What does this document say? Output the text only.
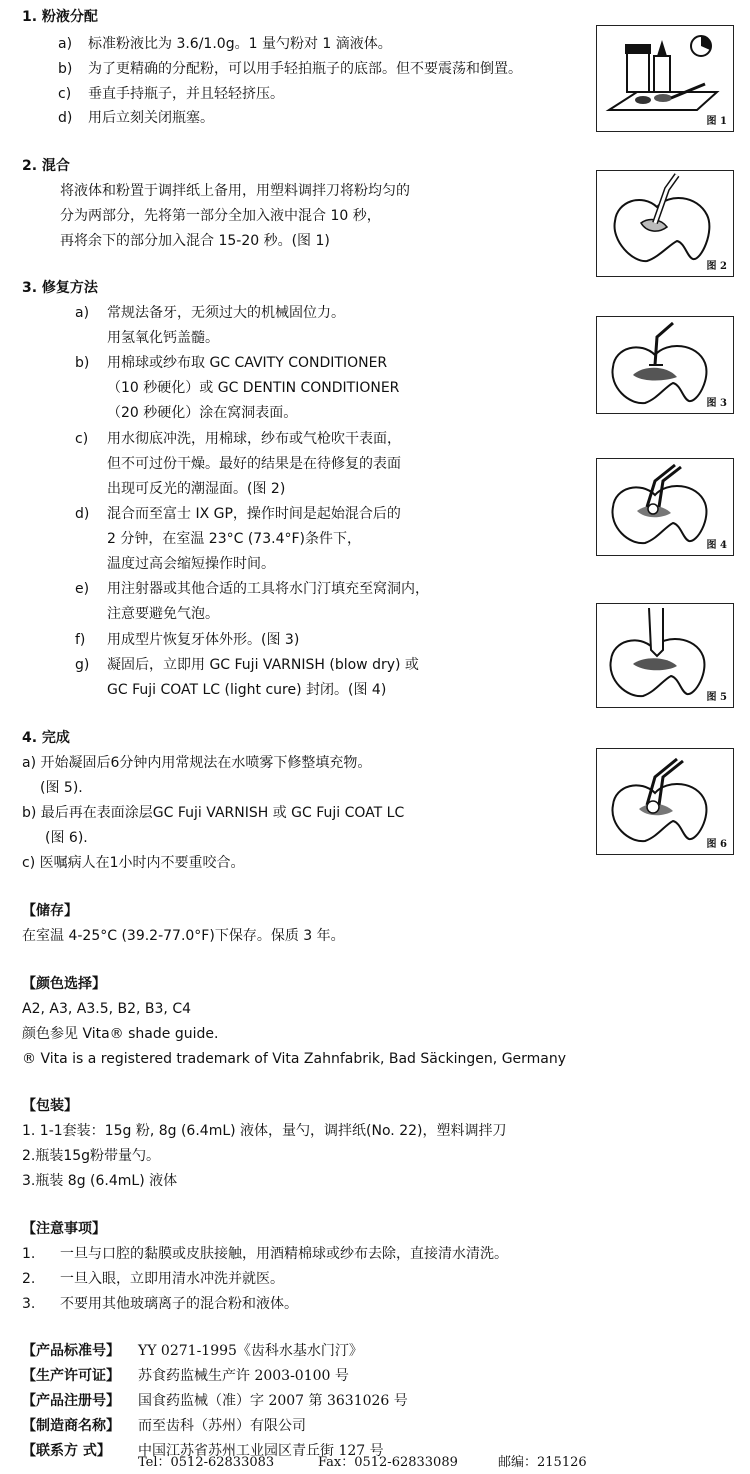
1. 粉液分配
a) 标准粉液比为 3.6/1.0g。1 量勺粉对 1 滴液体。
b) 为了更精确的分配粉，可以用手轻拍瓶子的底部。但不要震荡和倒置。
c) 垂直手持瓶子，并且轻轻挤压。
d) 用后立刻关闭瓶塞。
2. 混合
将液体和粉置于调拌纸上备用，用塑料调拌刀将粉均匀的
分为两部分，先将第一部分全加入液中混合 10 秒，
再将余下的部分加入混合 15-20 秒。(图 1)
3. 修复方法
a) 常规法备牙，无须过大的机械固位力。
用氢氧化钙盖髓。
b) 用棉球或纱布取 GC CAVITY CONDITIONER
（10 秒硬化）或 GC DENTIN CONDITIONER
（20 秒硬化）涂在窝洞表面。
c) 用水彻底冲洗，用棉球，纱布或气枪吹干表面，
但不可过份干燥。最好的结果是在待修复的表面
出现可反光的潮湿面。(图 2)
d) 混合而至富士 IX GP，操作时间是起始混合后的
2 分钟，在室温 23°C (73.4°F)条件下，
温度过高会缩短操作时间。
e) 用注射器或其他合适的工具将水门汀填充至窝洞内，
注意要避免气泡。
f) 用成型片恢复牙体外形。(图 3)
g) 凝固后，立即用 GC Fuji VARNISH (blow dry) 或
GC Fuji COAT LC (light cure) 封闭。(图 4)
4. 完成
a) 开始凝固后6分钟内用常规法在水喷雾下修整填充物。
(图 5).
b) 最后再在表面涂层GC Fuji VARNISH 或 GC Fuji COAT LC
(图 6).
c) 医嘱病人在1小时内不要重咬合。
【储存】
在室温 4-25°C (39.2-77.0°F)下保存。保质 3 年。
【颜色选择】
A2, A3, A3.5, B2, B3, C4
颜色参见 Vita® shade guide.
® Vita is a registered trademark of Vita Zahnfabrik, Bad Säckingen, Germany
【包装】
1. 1-1套装：15g 粉, 8g (6.4mL) 液体，量勺，调拌纸(No. 22)，塑料调拌刀
2.瓶装15g粉带量勺。
3.瓶装 8g (6.4mL) 液体
【注意事项】
1. 一旦与口腔的黏膜或皮肤接触，用酒精棉球或纱布去除，直接清水清洗。
2. 一旦入眼，立即用清水冲洗并就医。
3. 不要用其他玻璃离子的混合粉和液体。
【产品标准号】 YY 0271-1995《齿科水基水门汀》
【生产许可证】 苏食药监械生产许 2003-0100 号
【产品注册号】 国食药监械（准）字 2007 第 3631026 号
【制造商名称】 而至齿科（苏州）有限公司
【联系方 式】 中国江苏省苏州工业园区青丘街 127 号
Tel：0512-62833083	Fax：0512-62833089	邮编：215126
图 1
图 2
图 3
图 4
图 5
图 6
